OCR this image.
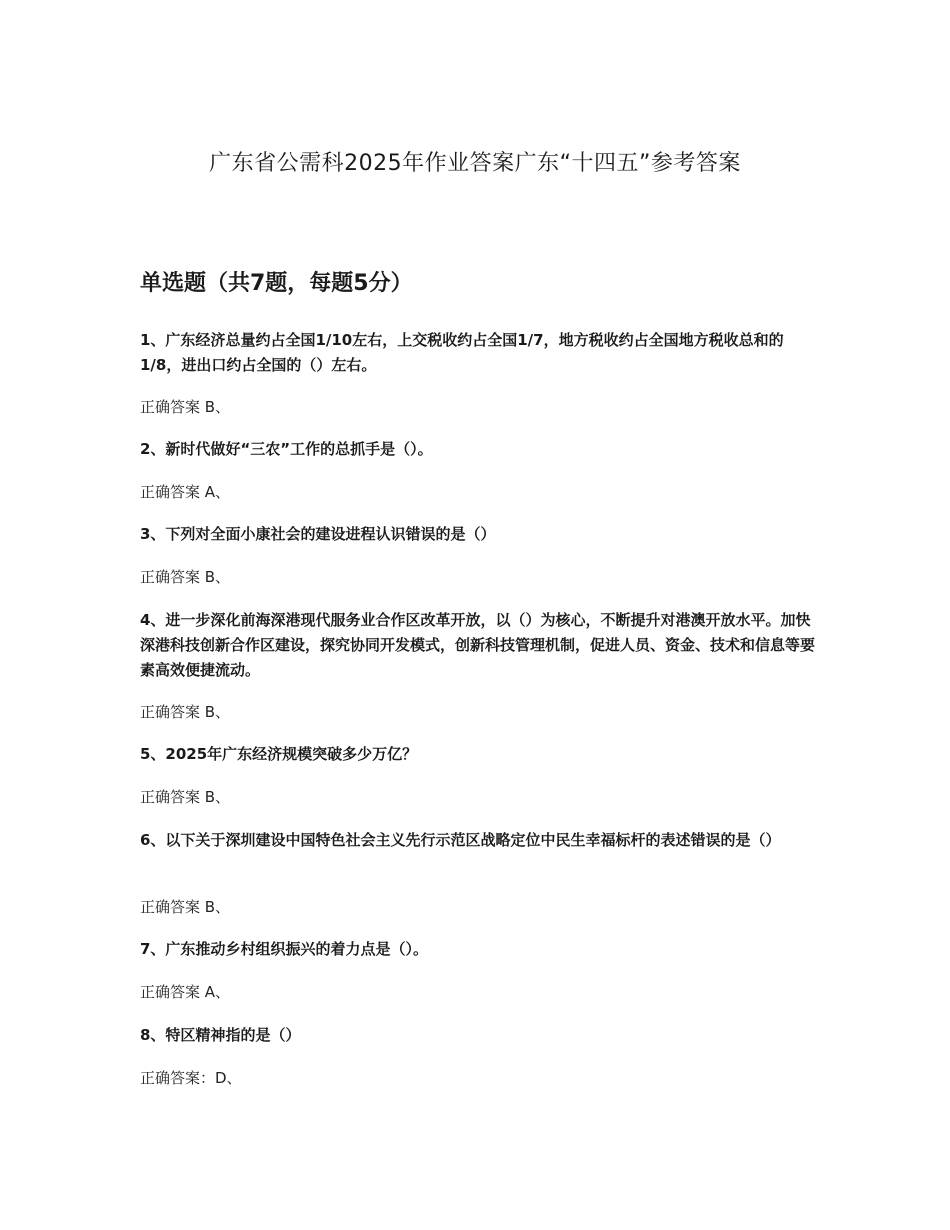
广东省公需科2025年作业答案广东“十四五”参考答案
单选题（共7题，每题5分）

1、广东经济总量约占全国1/10左右，上交税收约占全国1/7，地方税收约占全国地方税收总和的1/8，进出口约占全国的（）左右。

正确答案 B、

2、新时代做好“三农”工作的总抓手是（）。

正确答案 A、

3、下列对全面小康社会的建设进程认识错误的是（）

正确答案 B、

4、进一步深化前海深港现代服务业合作区改革开放，以（）为核心，不断提升对港澳开放水平。加快深港科技创新合作区建设，探究协同开发模式，创新科技管理机制，促进人员、资金、技术和信息等要素高效便捷流动。

正确答案 B、

5、2025年广东经济规模突破多少万亿？

正确答案 B、

6、以下关于深圳建设中国特色社会主义先行示范区战略定位中民生幸福标杆的表述错误的是（）

正确答案 B、

7、广东推动乡村组织振兴的着力点是（）。

正确答案 A、

8、特区精神指的是（）

正确答案：D、
